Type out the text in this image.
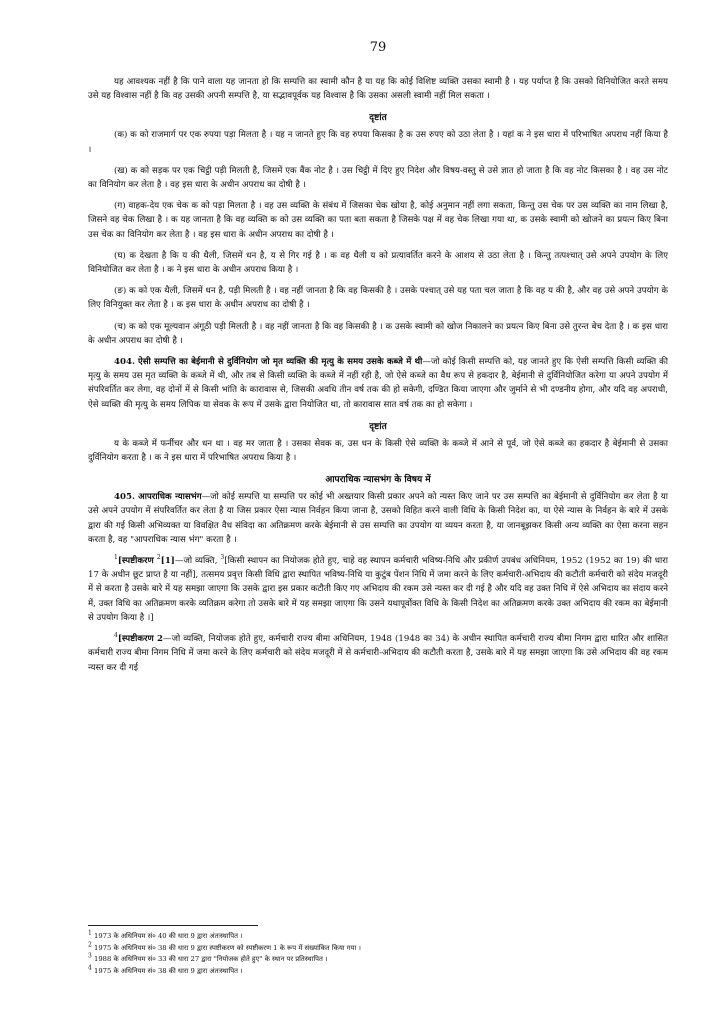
79

यह आवश्यक नहीं है कि पाने वाला यह जानता हो कि सम्पत्ति का स्वामी कौन है या यह कि कोई विशिष्ट व्यक्ति उसका स्वामी है । यह पर्याप्त है कि उसको विनियोजित करते समय उसे यह विश्वास नहीं है कि वह उसकी अपनी सम्पत्ति है, या सद्भावपूर्वक यह विश्वास है कि उसका असली स्वामी नहीं मिल सकता ।

दृष्टांत

(क) क को राजमार्ग पर एक रुपया पड़ा मिलता है । यह न जानते हुए कि वह रुपया किसका है क उस रुपए को उठा लेता है । यहां क ने इस धारा में परिभाषित अपराध नहीं किया है ।

(ख) क को सड़क पर एक चिट्ठी पड़ी मिलती है, जिसमें एक बैंक नोट है । उस चिट्ठी में दिए हुए निदेश और विषय-वस्तु से उसे ज्ञात हो जाता है कि वह नोट किसका है । वह उस नोट का विनियोग कर लेता है । वह इस धारा के अधीन अपराध का दोषी है ।

(ग) वाहक-देय एक चेक क को पड़ा मिलता है । वह उस व्यक्ति के संबंध में जिसका चेक खोया है, कोई अनुमान नहीं लगा सकता, किन्तु उस चेक पर उस व्यक्ति का नाम लिखा है, जिसने वह चेक लिखा है । क यह जानता है कि वह व्यक्ति क को उस व्यक्ति का पता बता सकता है जिसके पक्ष में वह चेक लिखा गया था, क उसके स्वामी को खोजने का प्रयत्न किए बिना उस चेक का विनियोग कर लेता है । वह इस धारा के अधीन अपराध का दोषी है ।

(घ) क देखता है कि य की थैली, जिसमें धन है, य से गिर गई है । क वह थैली य को प्रत्यावर्तित करने के आशय से उठा लेता है । किन्तु तत्पश्चात् उसे अपने उपयोग के लिए विनियोजित कर लेता है । क ने इस धारा के अधीन अपराध किया है ।

(ङ) क को एक थैली, जिसमें धन है, पड़ी मिलती है । वह नहीं जानता है कि वह किसकी है । उसके पश्चात् उसे यह पता चल जाता है कि वह य की है, और वह उसे अपने उपयोग के लिए विनियुक्त कर लेता है । क इस धारा के अधीन अपराध का दोषी है ।

(च) क को एक मूल्यवान अंगूठी पड़ी मिलती है । वह नहीं जानता है कि वह किसकी है । क उसके स्वामी को खोज निकालने का प्रयत्न किए बिना उसे तुरन्त बेच देता है । क इस धारा के अधीन अपराध का दोषी है ।

404. ऐसी सम्पत्ति का बेईमानी से दुर्विनियोग जो मृत व्यक्ति की मृत्यु के समय उसके कब्जे में थी—जो कोई किसी सम्पत्ति को, यह जानते हुए कि ऐसी सम्पत्ति किसी व्यक्ति की मृत्यु के समय उस मृत व्यक्ति के कब्जे में थी, और तब से किसी व्यक्ति के कब्जे में नहीं रही है, जो ऐसे कब्जे का वैध रूप से हकदार है, बेईमानी से दुर्विनियोजित करेगा या अपने उपयोग में संपरिवर्तित कर लेगा, वह दोनों में से किसी भांति के कारावास से, जिसकी अवधि तीन वर्ष तक की हो सकेगी, दण्डित किया जाएगा और जुर्माने से भी दण्डनीय होगा, और यदि वह अपराधी, ऐसे व्यक्ति की मृत्यु के समय लिपिक या सेवक के रूप में उसके द्वारा नियोजित था, तो कारावास सात वर्ष तक का हो सकेगा ।

दृष्टांत

य के कब्जे में फर्नीचर और धन था । वह मर जाता है । उसका सेवक क, उस धन के किसी ऐसे व्यक्ति के कब्जे में आने से पूर्व, जो ऐसे कब्जे का हकदार है बेईमानी से उसका दुर्विनियोग करता है । क ने इस धारा में परिभाषित अपराध किया है ।

आपराधिक न्यासभंग के विषय में

405. आपराधिक न्यासभंग—जो कोई सम्पत्ति या सम्पत्ति पर कोई भी अख्तयार किसी प्रकार अपने को न्यस्त किए जाने पर उस सम्पत्ति का बेईमानी से दुर्विनियोग कर लेता है या उसे अपने उपयोग में संपरिवर्तित कर लेता है या जिस प्रकार ऐसा न्यास निर्वहन किया जाना है, उसको विहित करने वाली विधि के किसी निदेश का, या ऐसे न्यास के निर्वहन के बारे में उसके द्वारा की गई किसी अभिव्यक्त या विवक्षित वैध संविदा का अतिक्रमण करके बेईमानी से उस सम्पत्ति का उपयोग या व्ययन करता है, या जानबूझकर किसी अन्य व्यक्ति का ऐसा करना सहन करता है, वह "आपराधिक न्यास भंग" करता है ।

$^1$[स्पष्टीकरण $^2$[1]—जो व्यक्ति, $^3$[किसी स्थापन का नियोजक होते हुए, चाहे वह स्थापन कर्मचारी भविष्य-निधि और प्रकीर्ण उपबंध अधिनियम, 1952 (1952 का 19) की धारा 17 के अधीन छूट प्राप्त है या नहीं], तत्समय प्रवृत्त किसी विधि द्वारा स्थापित भविष्य-निधि या कुटुंब पेंशन निधि में जमा करने के लिए कर्मचारी-अभिदाय की कटौती कर्मचारी को संदेय मजदूरी में से करता है उसके बारे में यह समझा जाएगा कि उसके द्वारा इस प्रकार कटौती किए गए अभिदाय की रकम उसे न्यस्त कर दी गई है और यदि वह उक्त निधि में ऐसे अभिदाय का संदाय करने में, उक्त विधि का अतिक्रमण करके व्यतिक्रम करेगा तो उसके बारे में यह समझा जाएगा कि उसने यथापूर्वोक्त विधि के किसी निदेश का अतिक्रमण करके उक्त अभिदाय की रकम का बेईमानी से उपयोग किया है ।]

$^4$[स्पष्टीकरण 2—जो व्यक्ति, नियोजक होते हुए, कर्मचारी राज्य बीमा अधिनियम, 1948 (1948 का 34) के अधीन स्थापित कर्मचारी राज्य बीमा निगम द्वारा धारित और शासित कर्मचारी राज्य बीमा निगम निधि में जमा करने के लिए कर्मचारी को संदेय मजदूरी में से कर्मचारी-अभिदाय की कटौती करता है, उसके बारे में यह समझा जाएगा कि उसे अभिदाय की वह रकम न्यस्त कर दी गई

1 1973 के अधिनियम सं० 40 की धारा 9 द्वारा अंतःस्थापित ।

2 1975 के अधिनियम सं० 38 की धारा 9 द्वारा स्पष्टीकरण को स्पष्टीकरण 1 के रूप में संख्यांकित किया गया ।

3 1988 के अधिनियम सं० 33 की धारा 27 द्वारा "नियोजक होते हुए" के स्थान पर प्रतिस्थापित ।

4 1975 के अधिनियम सं० 38 की धारा 9 द्वारा अंतःस्थापित ।
